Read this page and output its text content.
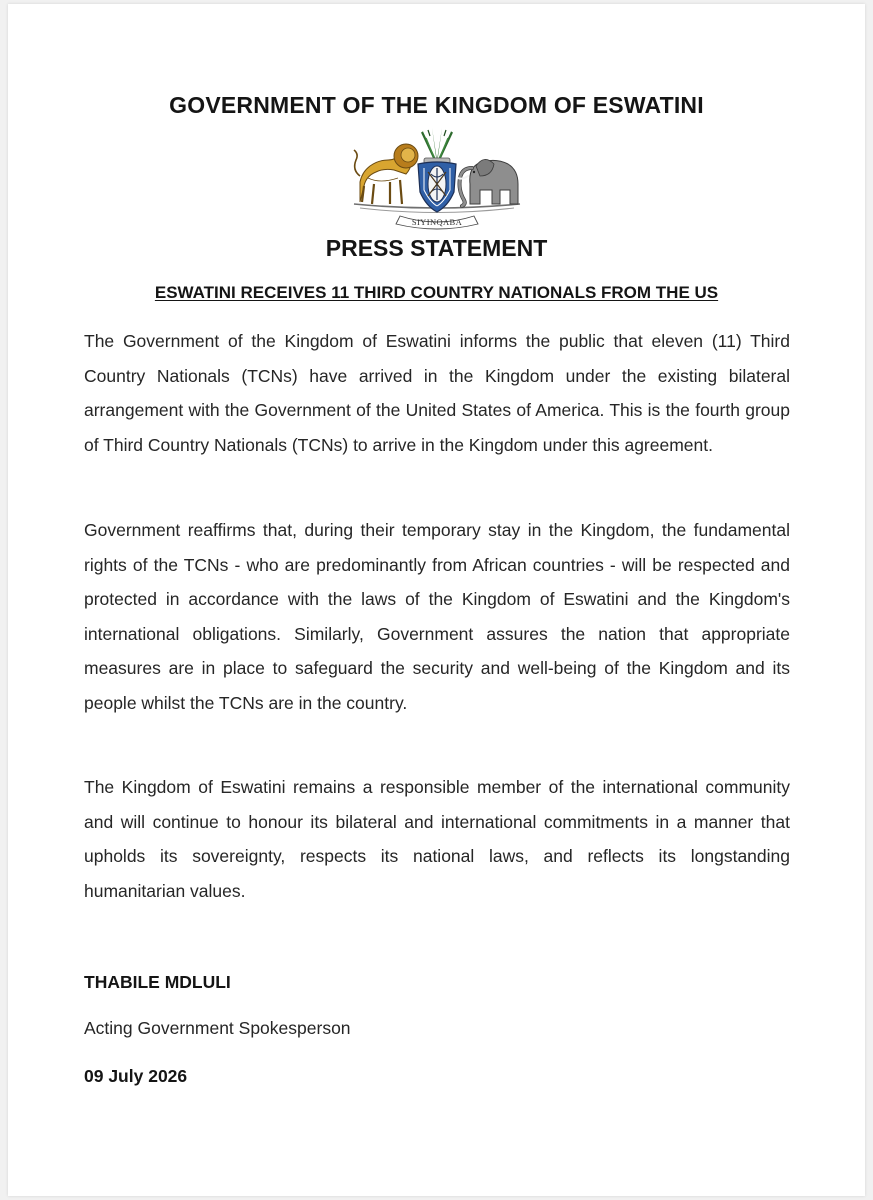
GOVERNMENT OF THE KINGDOM OF ESWATINI
SIYINQABA
PRESS STATEMENT
ESWATINI RECEIVES 11 THIRD COUNTRY NATIONALS FROM THE US

The Government of the Kingdom of Eswatini informs the public that eleven (11) Third Country Nationals (TCNs) have arrived in the Kingdom under the existing bilateral arrangement with the Government of the United States of America. This is the fourth group of Third Country Nationals (TCNs) to arrive in the Kingdom under this agreement.

Government reaffirms that, during their temporary stay in the Kingdom, the fundamental rights of the TCNs - who are predominantly from African countries - will be respected and protected in accordance with the laws of the Kingdom of Eswatini and the Kingdom's international obligations. Similarly, Government assures the nation that appropriate measures are in place to safeguard the security and well-being of the Kingdom and its people whilst the TCNs are in the country.

The Kingdom of Eswatini remains a responsible member of the international community and will continue to honour its bilateral and international commitments in a manner that upholds its sovereignty, respects its national laws, and reflects its longstanding humanitarian values.

THABILE MDLULI
Acting Government Spokesperson
09 July 2026
